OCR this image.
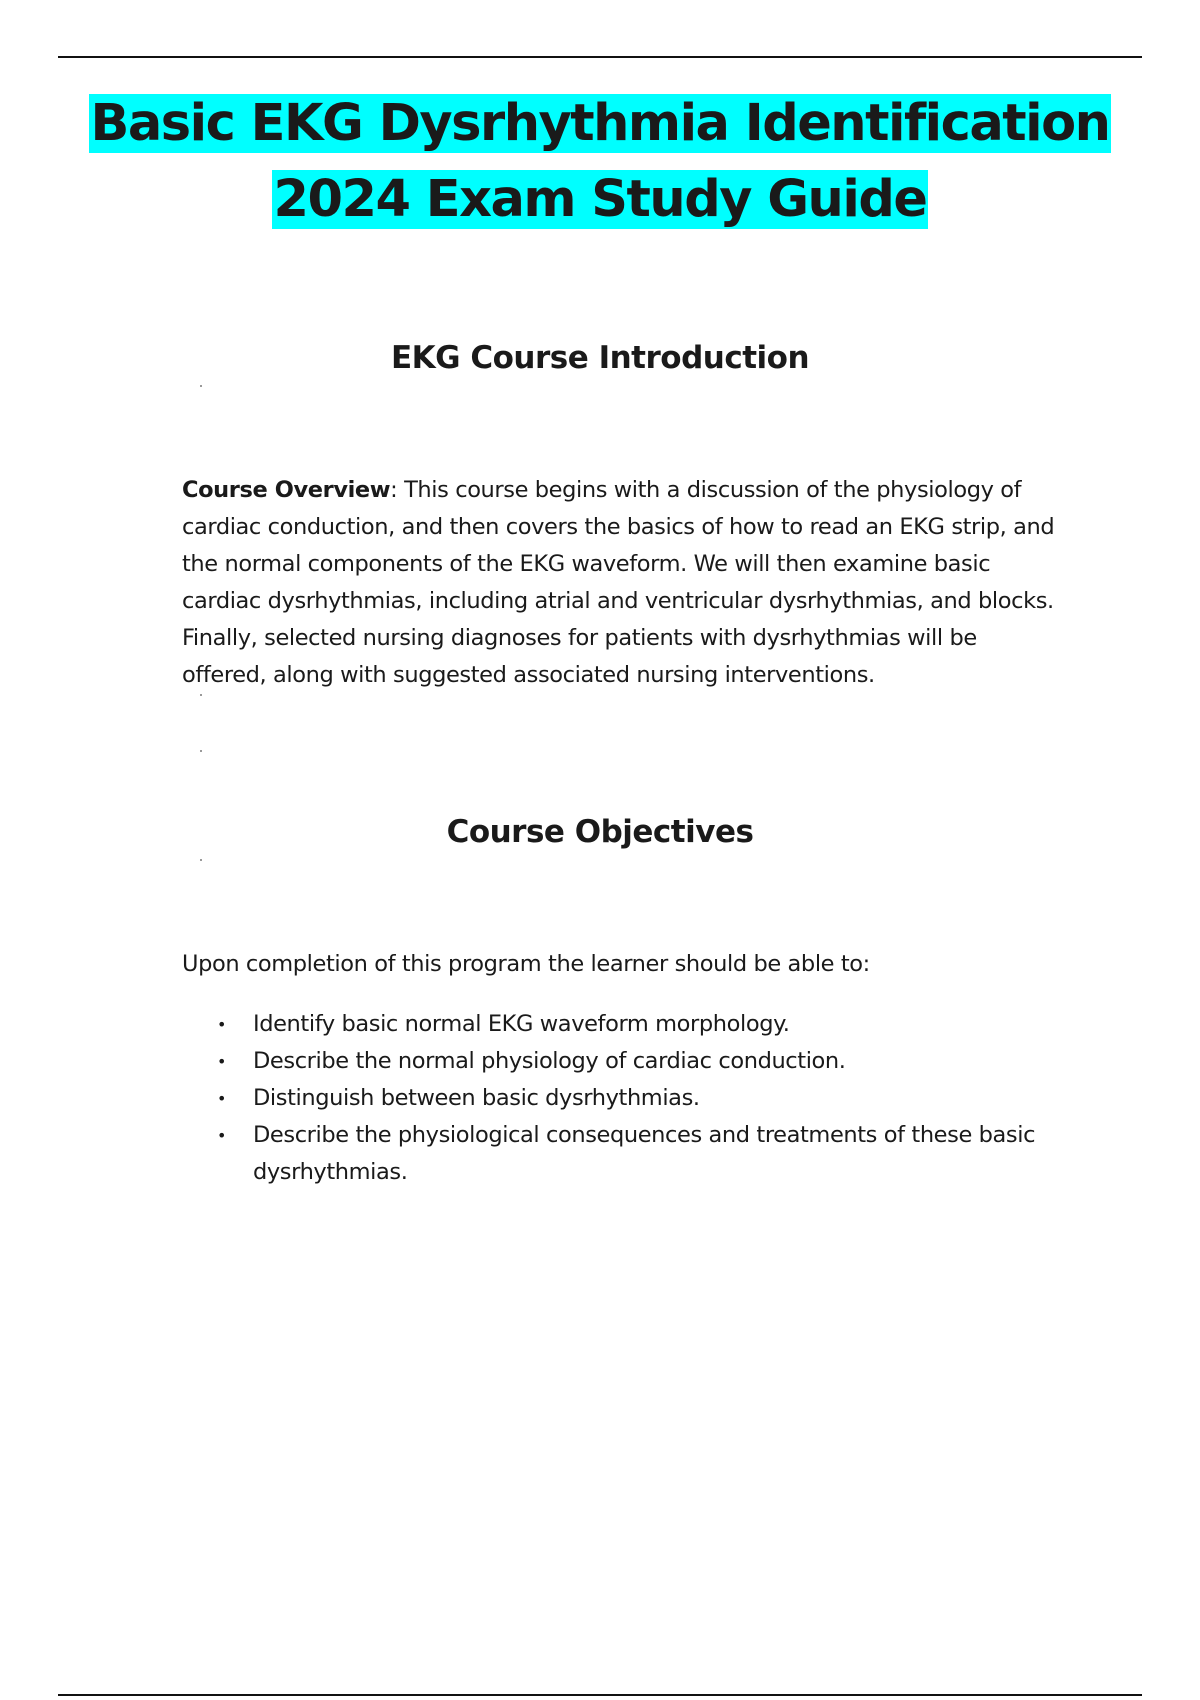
Basic EKG Dysrhythmia Identification
2024 Exam Study Guide
EKG Course Introduction
Course Overview: This course begins with a discussion of the physiology of cardiac conduction, and then covers the basics of how to read an EKG strip, and the normal components of the EKG waveform. We will then examine basic cardiac dysrhythmias, including atrial and ventricular dysrhythmias, and blocks. Finally, selected nursing diagnoses for patients with dysrhythmias will be offered, along with suggested associated nursing interventions.
Course Objectives
Upon completion of this program the learner should be able to:
• Identify basic normal EKG waveform morphology.
• Describe the normal physiology of cardiac conduction.
• Distinguish between basic dysrhythmias.
• Describe the physiological consequences and treatments of these basic dysrhythmias.
